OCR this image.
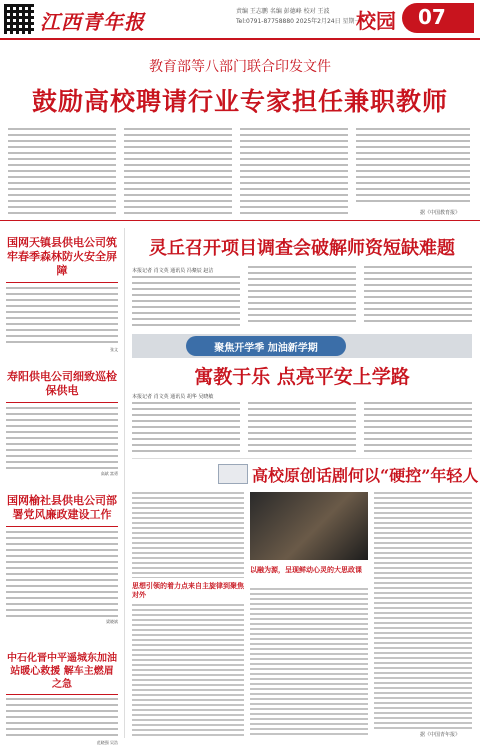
江西青年报	责编 王志鹏 名编 彭德峰 校对 王波
Tel:0791-87758880 2025年2月24日 星期一
校园 07
教育部等八部门联合印发文件
鼓励高校聘请行业专家担任兼职教师
据《中国教育报》
国网天镇县供电公司筑牢春季森林防火安全屏障
张文
寿阳供电公司细致巡检保供电
高斌 富勇
国网榆社县供电公司部署党风廉政建设工作
梁晓斌
中石化晋中平遥城东加油站暖心救援 解车主燃眉之急
范晓强 吴浩
灵丘召开项目调查会破解师资短缺难题
本报记者 肖文英 通讯员 冯粲辰 赵洁
聚焦开学季 加油新学期
寓教于乐 点亮平安上学路
本报记者 肖文英 通讯员 胡华 吴晓敏
高校原创话剧何以“硬控”年轻人
思想引领的着力点来自主旋律到聚焦对外
以融为源，呈现鲜动心灵的大思政课
据《中国青年报》
